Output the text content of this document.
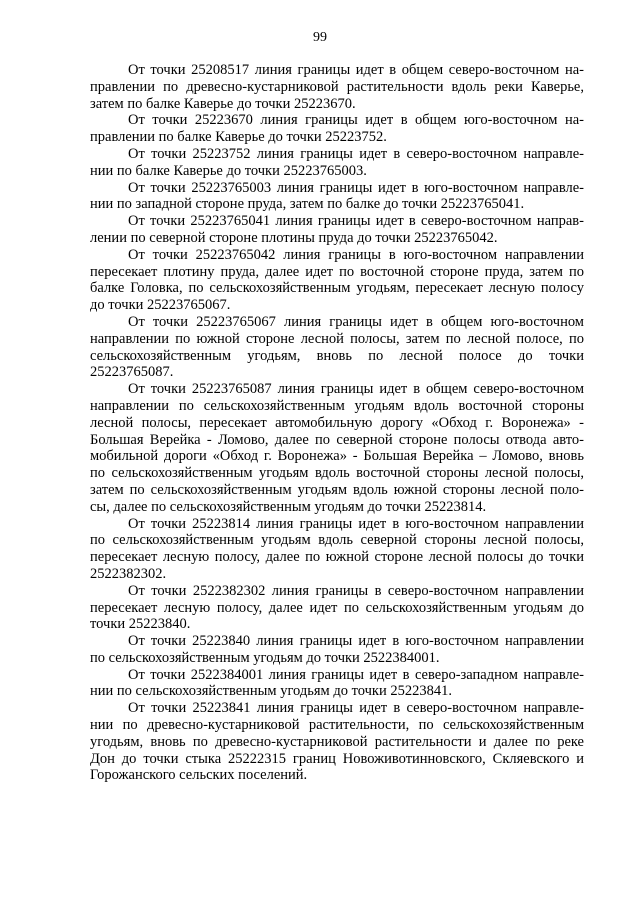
99
От точки 25208517 линия границы идет в общем северо-восточном на-
правлении по древесно-кустарниковой растительности вдоль реки Каверье,
затем по балке Каверье до точки 25223670.
От точки 25223670 линия границы идет в общем юго-восточном на-
правлении по балке Каверье до точки 25223752.
От точки 25223752 линия границы идет в северо-восточном направле-
нии по балке Каверье до точки 25223765003.
От точки 25223765003 линия границы идет в юго-восточном направле-
нии по западной стороне пруда, затем по балке до точки 25223765041.
От точки 25223765041 линия границы идет в северо-восточном направ-
лении по северной стороне плотины пруда до точки 25223765042.
От точки 25223765042 линия границы в юго-восточном направлении
пересекает плотину пруда, далее идет по восточной стороне пруда, затем по
балке Головка, по сельскохозяйственным угодьям, пересекает лесную полосу
до точки 25223765067.
От точки 25223765067 линия границы идет в общем юго-восточном
направлении по южной стороне лесной полосы, затем по лесной полосе, по
сельскохозяйственным угодьям, вновь по лесной полосе до точки
25223765087.
От точки 25223765087 линия границы идет в общем северо-восточном
направлении по сельскохозяйственным угодьям вдоль восточной стороны
лесной полосы, пересекает автомобильную дорогу «Обход г. Воронежа» -
Большая Верейка - Ломово, далее по северной стороне полосы отвода авто-
мобильной дороги «Обход г. Воронежа» - Большая Верейка – Ломово, вновь
по сельскохозяйственным угодьям вдоль восточной стороны лесной полосы,
затем по сельскохозяйственным угодьям вдоль южной стороны лесной поло-
сы, далее по сельскохозяйственным угодьям до точки 25223814.
От точки 25223814 линия границы идет в юго-восточном направлении
по сельскохозяйственным угодьям вдоль северной стороны лесной полосы,
пересекает лесную полосу, далее по южной стороне лесной полосы до точки
2522382302.
От точки 2522382302 линия границы в северо-восточном направлении
пересекает лесную полосу, далее идет по сельскохозяйственным угодьям до
точки 25223840.
От точки 25223840 линия границы идет в юго-восточном направлении
по сельскохозяйственным угодьям до точки 2522384001.
От точки 2522384001 линия границы идет в северо-западном направле-
нии по сельскохозяйственным угодьям до точки 25223841.
От точки 25223841 линия границы идет в северо-восточном направле-
нии по древесно-кустарниковой растительности, по сельскохозяйственным
угодьям, вновь по древесно-кустарниковой растительности и далее по реке
Дон до точки стыка 25222315 границ Новоживотинновского, Скляевского и
Горожанского сельских поселений.
